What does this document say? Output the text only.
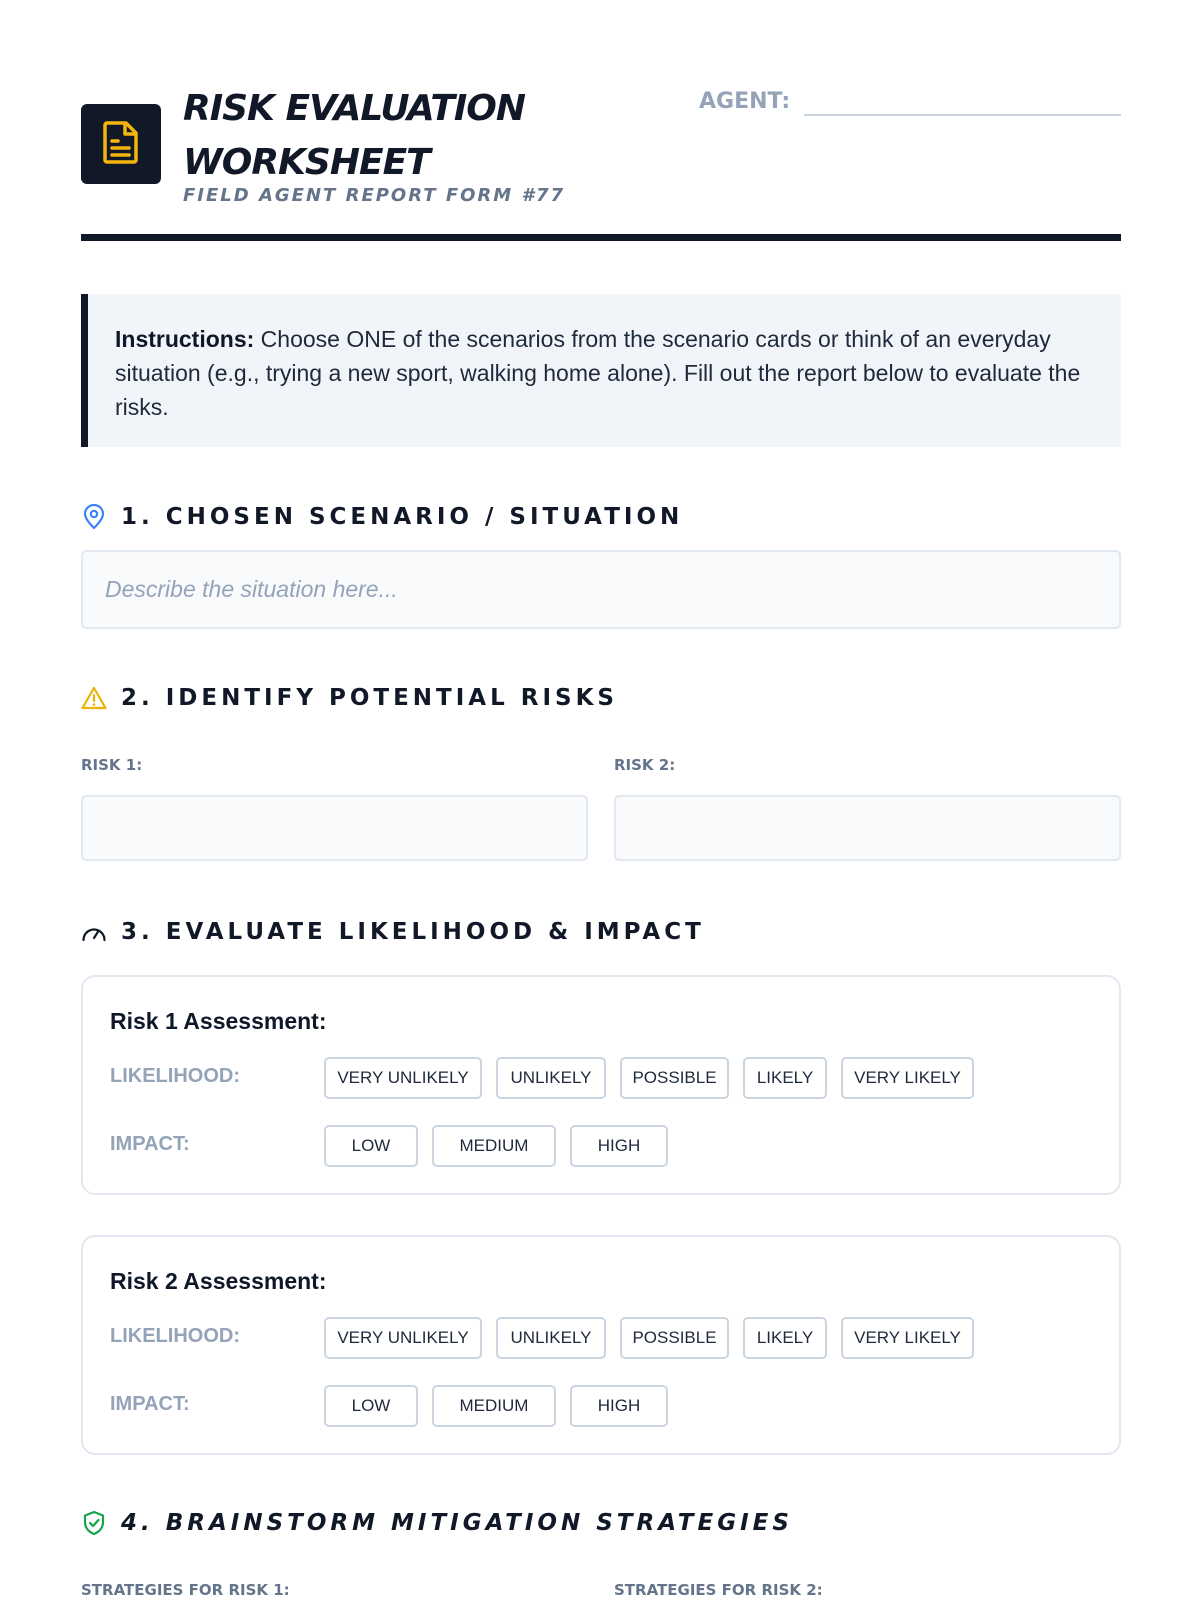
RISK EVALUATION WORKSHEET
FIELD AGENT REPORT FORM #77
AGENT:
Instructions: Choose ONE of the scenarios from the scenario cards or think of an everyday situation (e.g., trying a new sport, walking home alone). Fill out the report below to evaluate the risks.
1. CHOSEN SCENARIO / SITUATION
Describe the situation here...
2. IDENTIFY POTENTIAL RISKS
RISK 1:	RISK 2:
3. EVALUATE LIKELIHOOD & IMPACT
Risk 1 Assessment:
LIKELIHOOD:	VERY UNLIKELY	UNLIKELY	POSSIBLE	LIKELY	VERY LIKELY
IMPACT:	LOW	MEDIUM	HIGH
Risk 2 Assessment:
LIKELIHOOD:	VERY UNLIKELY	UNLIKELY	POSSIBLE	LIKELY	VERY LIKELY
IMPACT:	LOW	MEDIUM	HIGH
4. BRAINSTORM MITIGATION STRATEGIES
STRATEGIES FOR RISK 1:	STRATEGIES FOR RISK 2:
